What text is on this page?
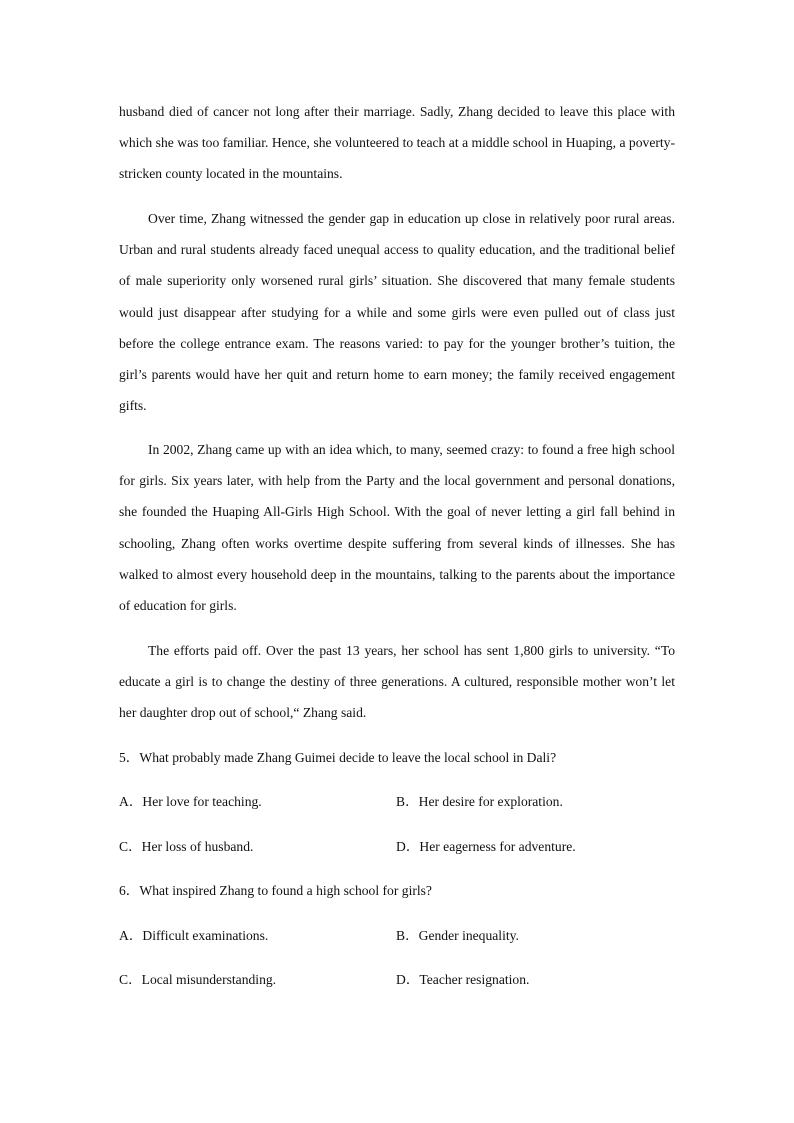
husband died of cancer not long after their marriage. Sadly, Zhang decided to leave this place with which she was too familiar. Hence, she volunteered to teach at a middle school in Huaping, a poverty-stricken county located in the mountains.

Over time, Zhang witnessed the gender gap in education up close in relatively poor rural areas. Urban and rural students already faced unequal access to quality education, and the traditional belief of male superiority only worsened rural girls’ situation. She discovered that many female students would just disappear after studying for a while and some girls were even pulled out of class just before the college entrance exam. The reasons varied: to pay for the younger brother’s tuition, the girl’s parents would have her quit and return home to earn money; the family received engagement gifts.

In 2002, Zhang came up with an idea which, to many, seemed crazy: to found a free high school for girls. Six years later, with help from the Party and the local government and personal donations, she founded the Huaping All-Girls High School. With the goal of never letting a girl fall behind in schooling, Zhang often works overtime despite suffering from several kinds of illnesses. She has walked to almost every household deep in the mountains, talking to the parents about the importance of education for girls.

The efforts paid off. Over the past 13 years, her school has sent 1,800 girls to university. “To educate a girl is to change the destiny of three generations. A cultured, responsible mother won’t let her daughter drop out of school,“ Zhang said.

5．What probably made Zhang Guimei decide to leave the local school in Dali?
A．Her love for teaching.	B．Her desire for exploration.
C．Her loss of husband.	D．Her eagerness for adventure.
6．What inspired Zhang to found a high school for girls?
A．Difficult examinations.	B．Gender inequality.
C．Local misunderstanding.	D．Teacher resignation.
